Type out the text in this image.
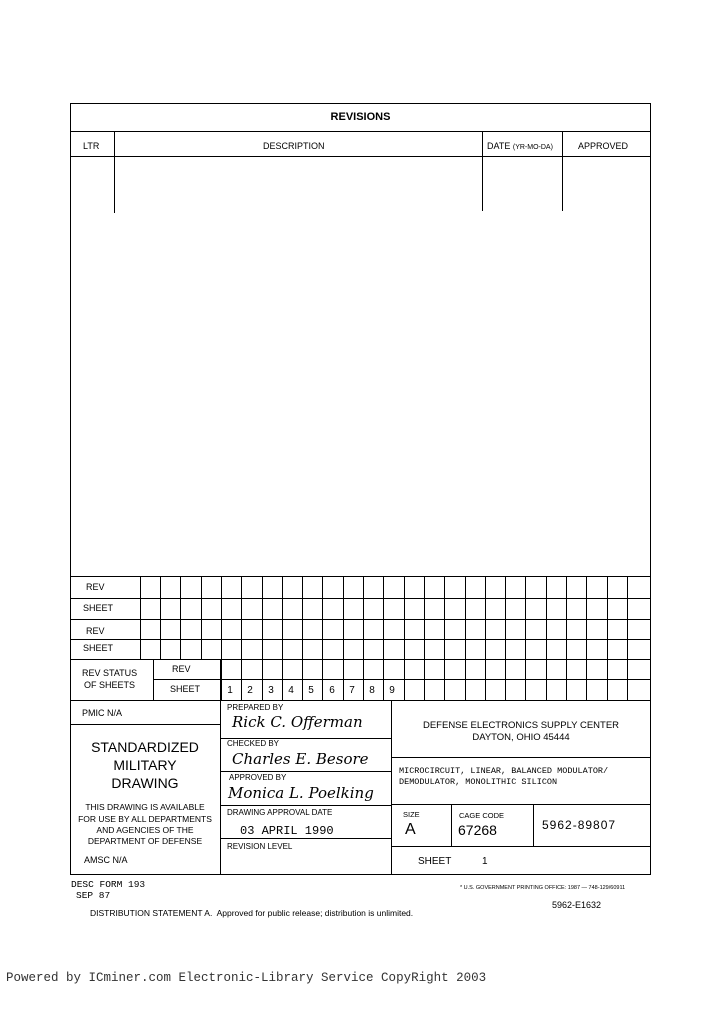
REVISIONS
LTR	DESCRIPTION	DATE (YR-MO-DA)	APPROVED
REV
SHEET
REV
SHEET
REV STATUS
OF SHEETS
REV
SHEET	1	2	3	4	5	6	7	8	9
PMIC N/A
STANDARDIZED
MILITARY
DRAWING
THIS DRAWING IS AVAILABLE
FOR USE BY ALL DEPARTMENTS
AND AGENCIES OF THE
DEPARTMENT OF DEFENSE
AMSC N/A
PREPARED BY
Rick C. Offerman
CHECKED BY
Charles E. Besore
APPROVED BY
Monica L. Poelking
DRAWING APPROVAL DATE
03 APRIL 1990
REVISION LEVEL
DEFENSE ELECTRONICS SUPPLY CENTER
DAYTON, OHIO 45444
MICROCIRCUIT, LINEAR, BALANCED MODULATOR/
DEMODULATOR, MONOLITHIC SILICON
SIZE
A
CAGE CODE
67268	5962-89807
SHEET	1
DESC FORM 193
SEP 87
* U.S. GOVERNMENT PRINTING OFFICE: 1987 — 748-129/60911
DISTRIBUTION STATEMENT A. Approved for public release; distribution is unlimited.
5962-E1632
Powered by ICminer.com Electronic-Library Service CopyRight 2003
